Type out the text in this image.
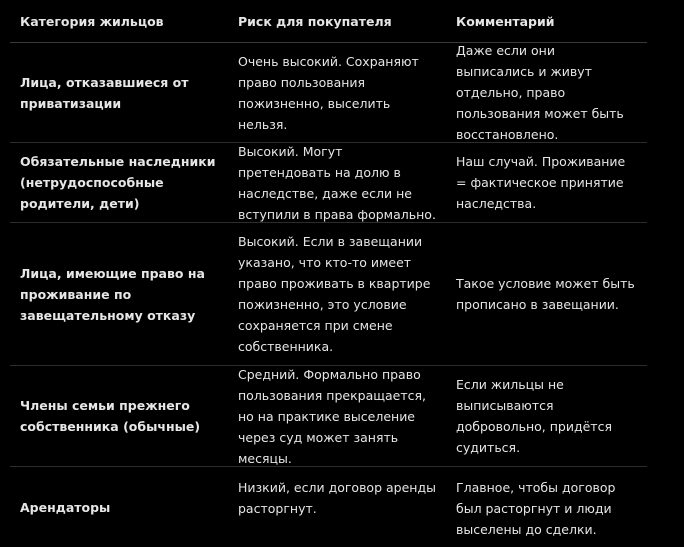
Категория жильцов	Риск для покупателя	Комментарий
Лица, отказавшиеся от приватизации
Очень высокий. Сохраняют право пользования пожизненно, выселить нельзя.
Даже если они выписались и живут отдельно, право пользования может быть восстановлено.
Обязательные наследники (нетрудоспособные родители, дети)
Высокий. Могут претендовать на долю в наследстве, даже если не вступили в права формально.
Наш случай. Проживание = фактическое принятие наследства.
Лица, имеющие право на проживание по завещательному отказу
Высокий. Если в завещании указано, что кто-то имеет право проживать в квартире пожизненно, это условие сохраняется при смене собственника.
Такое условие может быть прописано в завещании.
Члены семьи прежнего собственника (обычные)
Средний. Формально право пользования прекращается, но на практике выселение через суд может занять месяцы.
Если жильцы не выписываются добровольно, придётся судиться.
Арендаторы
Низкий, если договор аренды расторгнут.
Главное, чтобы договор был расторгнут и люди выселены до сделки.
